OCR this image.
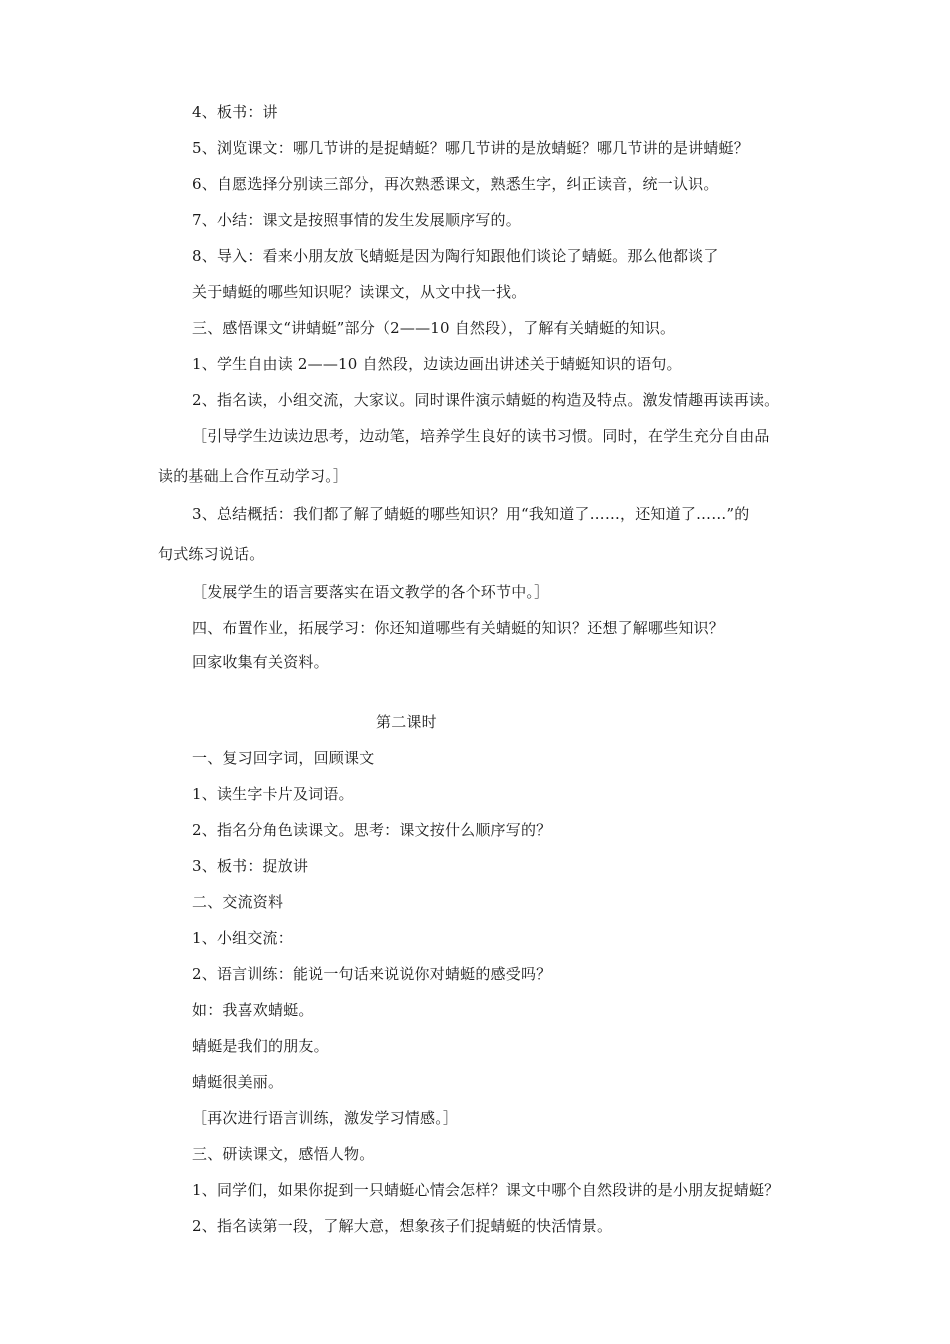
4、板书：讲
5、浏览课文：哪几节讲的是捉蜻蜓？哪几节讲的是放蜻蜓？哪几节讲的是讲蜻蜓？
6、自愿选择分别读三部分，再次熟悉课文，熟悉生字，纠正读音，统一认识。
7、小结：课文是按照事情的发生发展顺序写的。
8、导入：看来小朋友放飞蜻蜓是因为陶行知跟他们谈论了蜻蜓。那么他都谈了
关于蜻蜓的哪些知识呢？读课文，从文中找一找。
三、感悟课文“讲蜻蜓”部分（2——10 自然段），了解有关蜻蜓的知识。
1、学生自由读 2——10 自然段，边读边画出讲述关于蜻蜓知识的语句。
2、指名读，小组交流，大家议。同时课件演示蜻蜓的构造及特点。激发情趣再读再读。
［引导学生边读边思考，边动笔，培养学生良好的读书习惯。同时，在学生充分自由品
读的基础上合作互动学习。］
3、总结概括：我们都了解了蜻蜓的哪些知识？用“我知道了……，还知道了……”的
句式练习说话。
［发展学生的语言要落实在语文教学的各个环节中。］
四、布置作业，拓展学习：你还知道哪些有关蜻蜓的知识？还想了解哪些知识？
回家收集有关资料。
第二课时
一、复习回字词，回顾课文
1、读生字卡片及词语。
2、指名分角色读课文。思考：课文按什么顺序写的？
3、板书：捉放讲
二、交流资料
1、小组交流：
2、语言训练：能说一句话来说说你对蜻蜓的感受吗？
如：我喜欢蜻蜓。
蜻蜓是我们的朋友。
蜻蜓很美丽。
［再次进行语言训练，激发学习情感。］
三、研读课文，感悟人物。
1、同学们，如果你捉到一只蜻蜓心情会怎样？课文中哪个自然段讲的是小朋友捉蜻蜓？
2、指名读第一段，了解大意，想象孩子们捉蜻蜓的快活情景。
